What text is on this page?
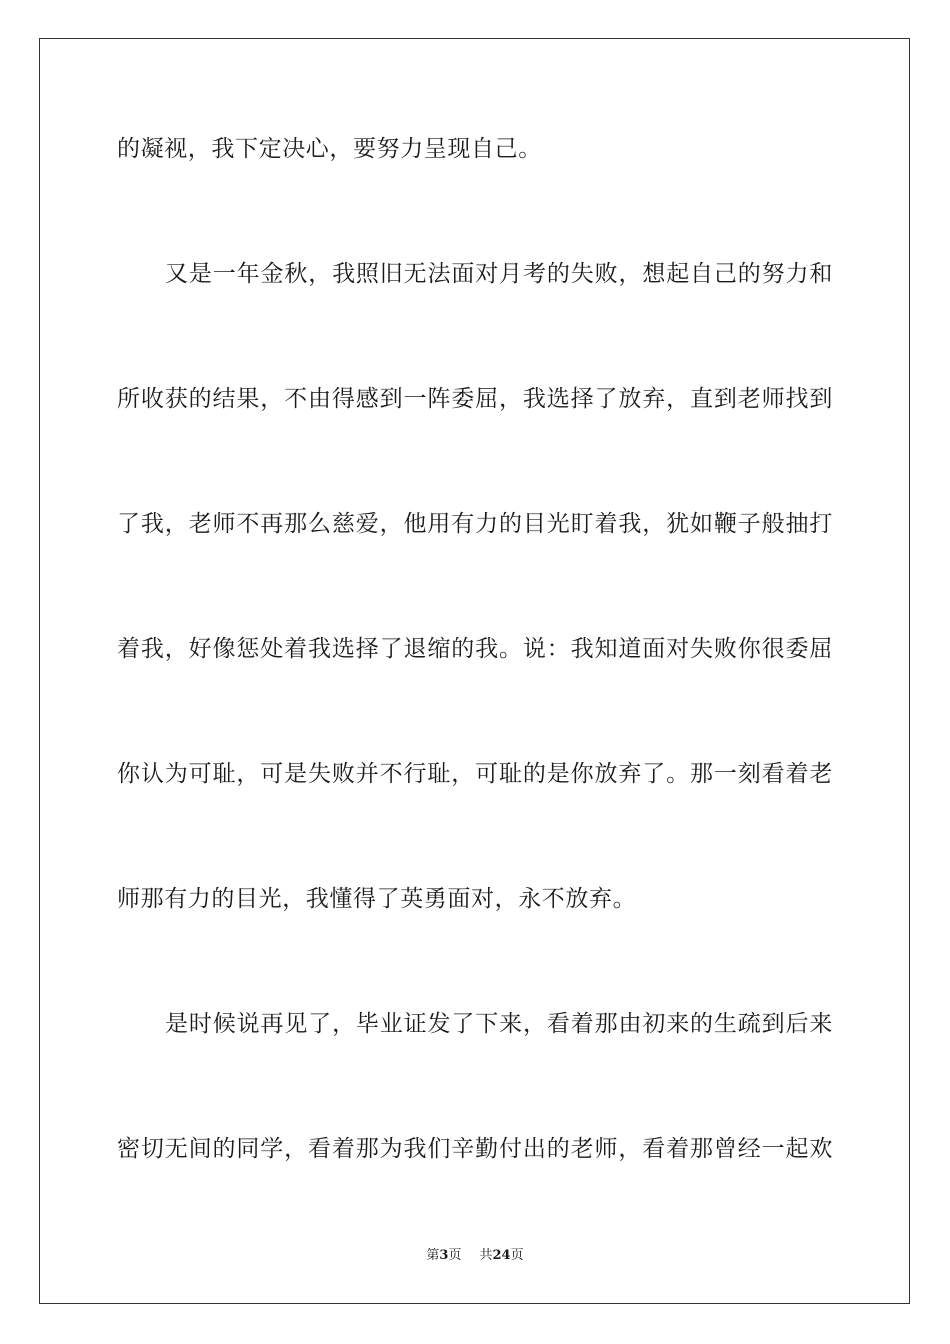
的凝视，我下定决心，要努力呈现自己。
又是一年金秋，我照旧无法面对月考的失败，想起自己的努力和
所收获的结果，不由得感到一阵委屈，我选择了放弃，直到老师找到
了我，老师不再那么慈爱，他用有力的目光盯着我，犹如鞭子般抽打
着我，好像惩处着我选择了退缩的我。说：我知道面对失败你很委屈
你认为可耻，可是失败并不行耻，可耻的是你放弃了。那一刻看着老
师那有力的目光，我懂得了英勇面对，永不放弃。
是时候说再见了，毕业证发了下来，看着那由初来的生疏到后来
密切无间的同学，看着那为我们辛勤付出的老师，看着那曾经一起欢
第3页 共24页
